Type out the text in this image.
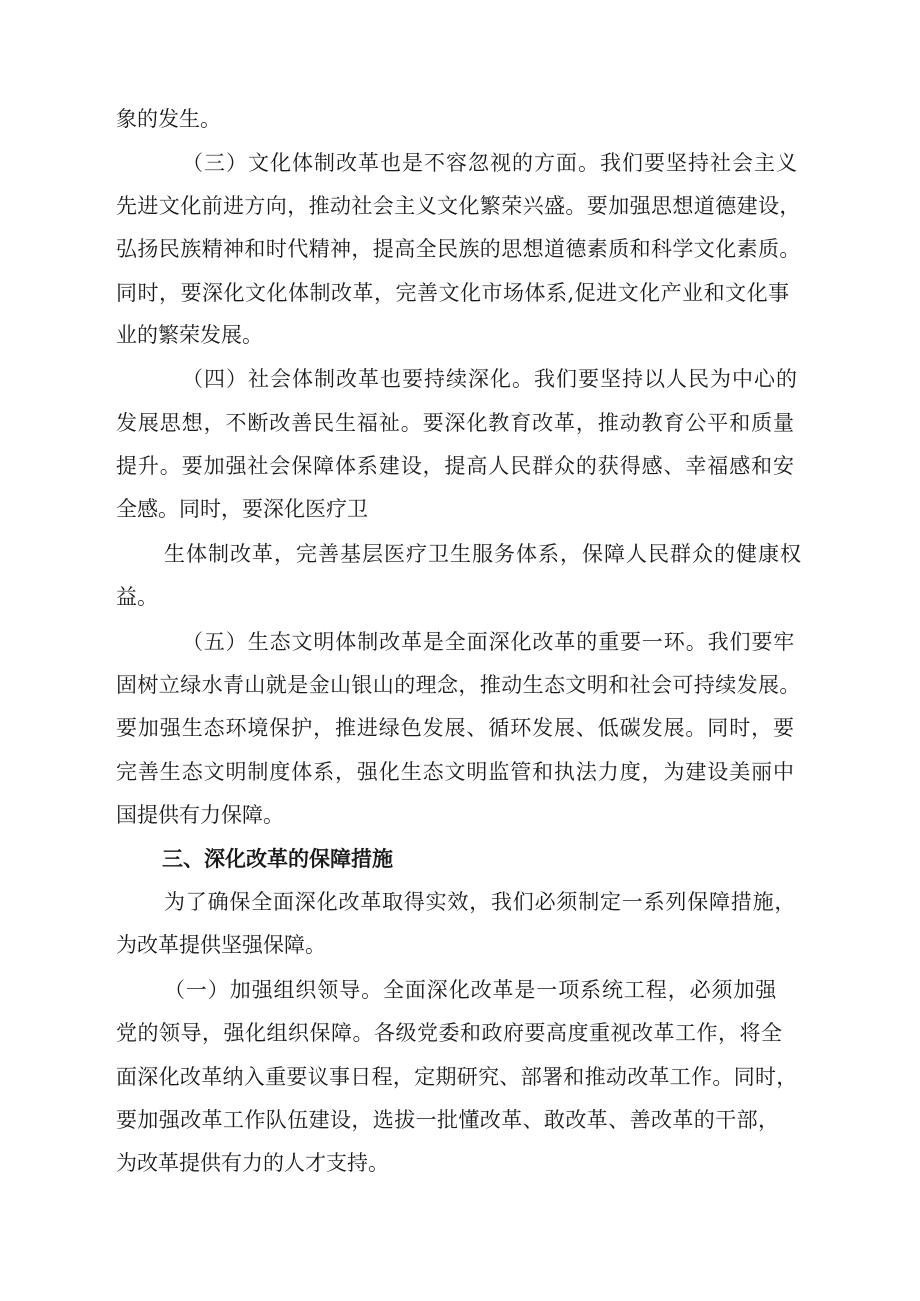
象的发生。

（三）文化体制改革也是不容忽视的方面。我们要坚持社会主义

先进文化前进方向，推动社会主义文化繁荣兴盛。要加强思想道德建设，

弘扬民族精神和时代精神，提高全民族的思想道德素质和科学文化素质。

同时，要深化文化体制改革，完善文化市场体系,促进文化产业和文化事

业的繁荣发展。

（四）社会体制改革也要持续深化。我们要坚持以人民为中心的

发展思想，不断改善民生福祉。要深化教育改革，推动教育公平和质量

提升。要加强社会保障体系建设，提高人民群众的获得感、幸福感和安

全感。同时，要深化医疗卫

生体制改革，完善基层医疗卫生服务体系，保障人民群众的健康权

益。

（五）生态文明体制改革是全面深化改革的重要一环。我们要牢

固树立绿水青山就是金山银山的理念，推动生态文明和社会可持续发展。

要加强生态环境保护，推进绿色发展、循环发展、低碳发展。同时，要

完善生态文明制度体系，强化生态文明监管和执法力度，为建设美丽中

国提供有力保障。

三、深化改革的保障措施

为了确保全面深化改革取得实效，我们必须制定一系列保障措施，

为改革提供坚强保障。

（一）加强组织领导。全面深化改革是一项系统工程，必须加强

党的领导，强化组织保障。各级党委和政府要高度重视改革工作，将全

面深化改革纳入重要议事日程，定期研究、部署和推动改革工作。同时，

要加强改革工作队伍建设，选拔一批懂改革、敢改革、善改革的干部，

为改革提供有力的人才支持。
